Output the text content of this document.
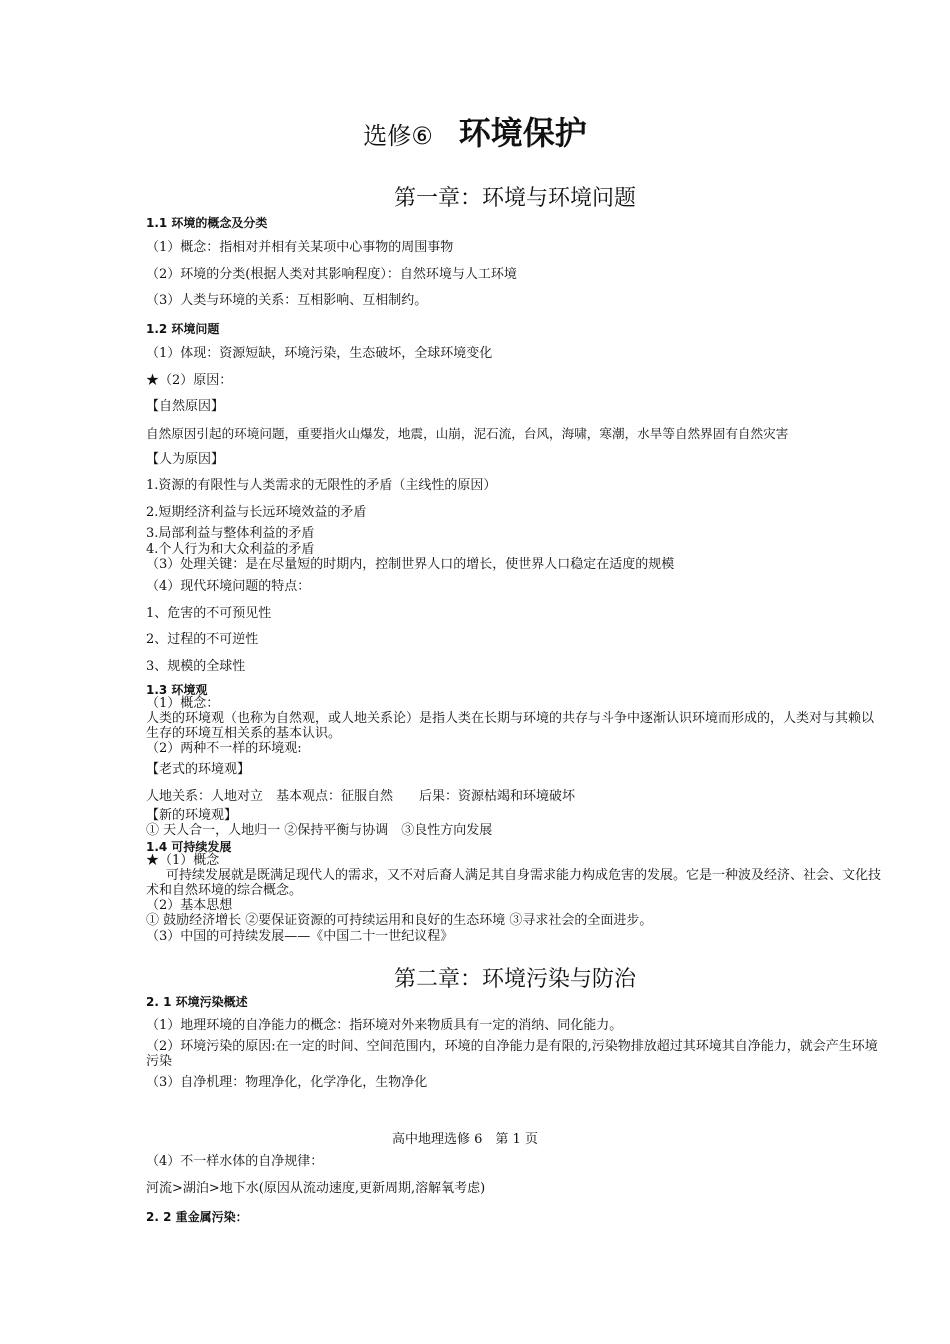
选修⑥ 环境保护
第一章：环境与环境问题
1.1 环境的概念及分类
（1）概念：指相对并相有关某项中心事物的周围事物
（2）环境的分类(根据人类对其影响程度）：自然环境与人工环境
（3）人类与环境的关系：互相影响、互相制约。
1.2 环境问题
（1）体现：资源短缺，环境污染，生态破坏，全球环境变化
★（2）原因：
【自然原因】
自然原因引起的环境问题，重要指火山爆发，地震，山崩，泥石流，台风，海啸，寒潮，水旱等自然界固有自然灾害
【人为原因】
1.资源的有限性与人类需求的无限性的矛盾（主线性的原因）
2.短期经济利益与长远环境效益的矛盾
3.局部利益与整体利益的矛盾
4.个人行为和大众利益的矛盾
（3）处理关键：是在尽量短的时期内，控制世界人口的增长，使世界人口稳定在适度的规模
（4）现代环境问题的特点：
1、危害的不可预见性
2、过程的不可逆性
3、规模的全球性
1.3 环境观
（1）概念：
人类的环境观（也称为自然观，或人地关系论）是指人类在长期与环境的共存与斗争中逐渐认识环境而形成的，人类对与其赖以生存的环境互相关系的基本认识。
（2）两种不一样的环境观:
【老式的环境观】
人地关系：人地对立　基本观点：征服自然　　后果：资源枯竭和环境破坏
【新的环境观】
① 天人合一，人地归一 ②保持平衡与协调　③良性方向发展
1.4 可持续发展
★（1）概念
可持续发展就是既满足现代人的需求，又不对后裔人满足其自身需求能力构成危害的发展。它是一种波及经济、社会、文化技术和自然环境的综合概念。
（2）基本思想
① 鼓励经济增长 ②要保证资源的可持续运用和良好的生态环境 ③寻求社会的全面进步。
（3）中国的可持续发展——《中国二十一世纪议程》
第二章：环境污染与防治
2. 1 环境污染概述
（1）地理环境的自净能力的概念：指环境对外来物质具有一定的消纳、同化能力。
（2）环境污染的原因:在一定的时间、空间范围内，环境的自净能力是有限的,污染物排放超过其环境其自净能力，就会产生环境污染
（3）自净机理：物理净化，化学净化，生物净化
高中地理选修 6　第 1 页
（4）不一样水体的自净规律：
河流>湖泊>地下水(原因从流动速度,更新周期,溶解氧考虑)
2. 2 重金属污染：
